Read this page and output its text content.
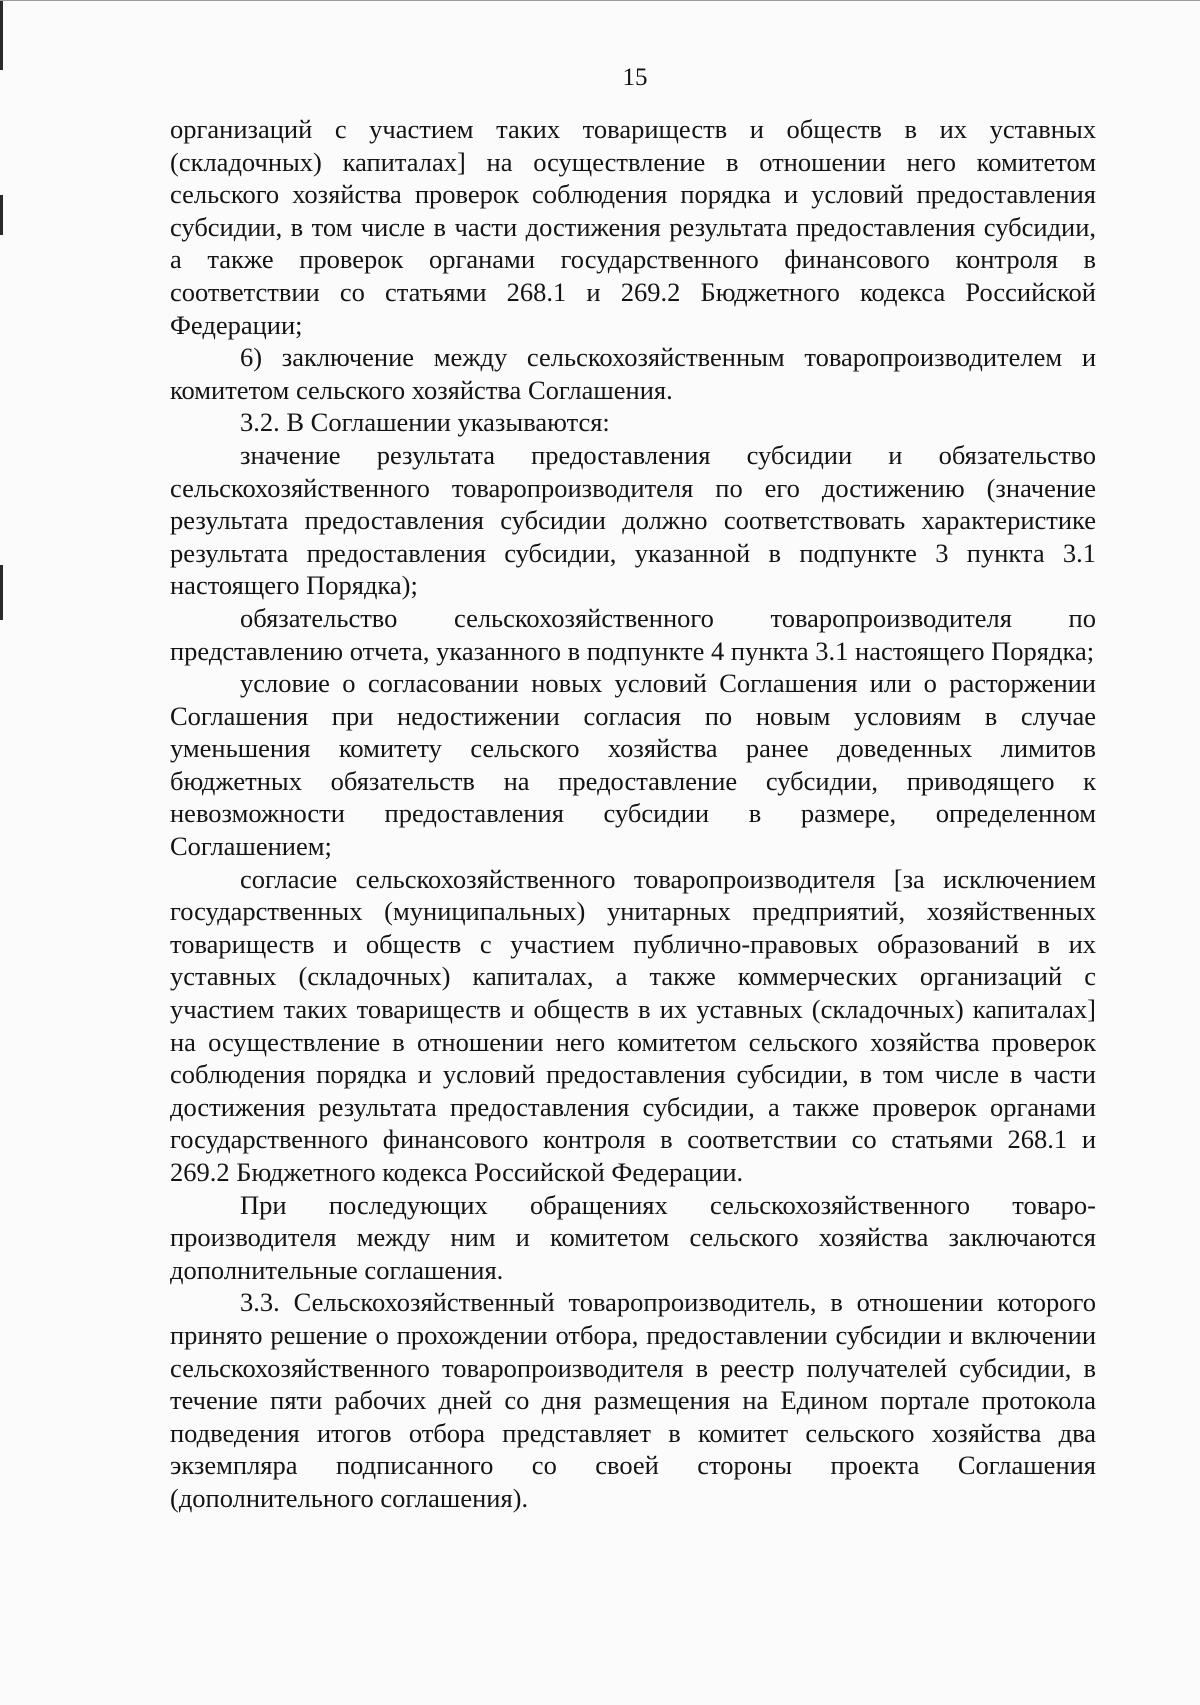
15

организаций с участием таких товариществ и обществ в их уставных (складочных) капиталах] на осуществление в отношении него комитетом сельского хозяйства проверок соблюдения порядка и условий предоставления субсидии, в том числе в части достижения результата предоставления субсидии, а также проверок органами государственного финансового контроля в соответствии со статьями 268.1 и 269.2 Бюджетного кодекса Российской Федерации;

6) заключение между сельскохозяйственным товаропроизводителем и комитетом сельского хозяйства Соглашения.

3.2. В Соглашении указываются:

значение результата предоставления субсидии и обязательство сельскохозяйственного товаропроизводителя по его достижению (значение результата предоставления субсидии должно соответствовать характеристике результата предоставления субсидии, указанной в подпункте 3 пункта 3.1 настоящего Порядка);

обязательство сельскохозяйственного товаропроизводителя по представлению отчета, указанного в подпункте 4 пункта 3.1 настоящего Порядка;

условие о согласовании новых условий Соглашения или о расторжении Соглашения при недостижении согласия по новым условиям в случае уменьшения комитету сельского хозяйства ранее доведенных лимитов бюджетных обязательств на предоставление субсидии, приводящего к невозможности предоставления субсидии в размере, определенном Соглашением;

согласие сельскохозяйственного товаропроизводителя [за исключением государственных (муниципальных) унитарных предприятий, хозяйственных товариществ и обществ с участием публично-правовых образований в их уставных (складочных) капиталах, а также коммерческих организаций с участием таких товариществ и обществ в их уставных (складочных) капиталах] на осуществление в отношении него комитетом сельского хозяйства проверок соблюдения порядка и условий предоставления субсидии, в том числе в части достижения результата предоставления субсидии, а также проверок органами государственного финансового контроля в соответствии со статьями 268.1 и 269.2 Бюджетного кодекса Российской Федерации.

При последующих обращениях сельскохозяйственного товаро-производителя между ним и комитетом сельского хозяйства заключаются дополнительные соглашения.

3.3. Сельскохозяйственный товаропроизводитель, в отношении которого принято решение о прохождении отбора, предоставлении субсидии и включении сельскохозяйственного товаропроизводителя в реестр получателей субсидии, в течение пяти рабочих дней со дня размещения на Едином портале протокола подведения итогов отбора представляет в комитет сельского хозяйства два экземпляра подписанного со своей стороны проекта Соглашения (дополнительного соглашения).
